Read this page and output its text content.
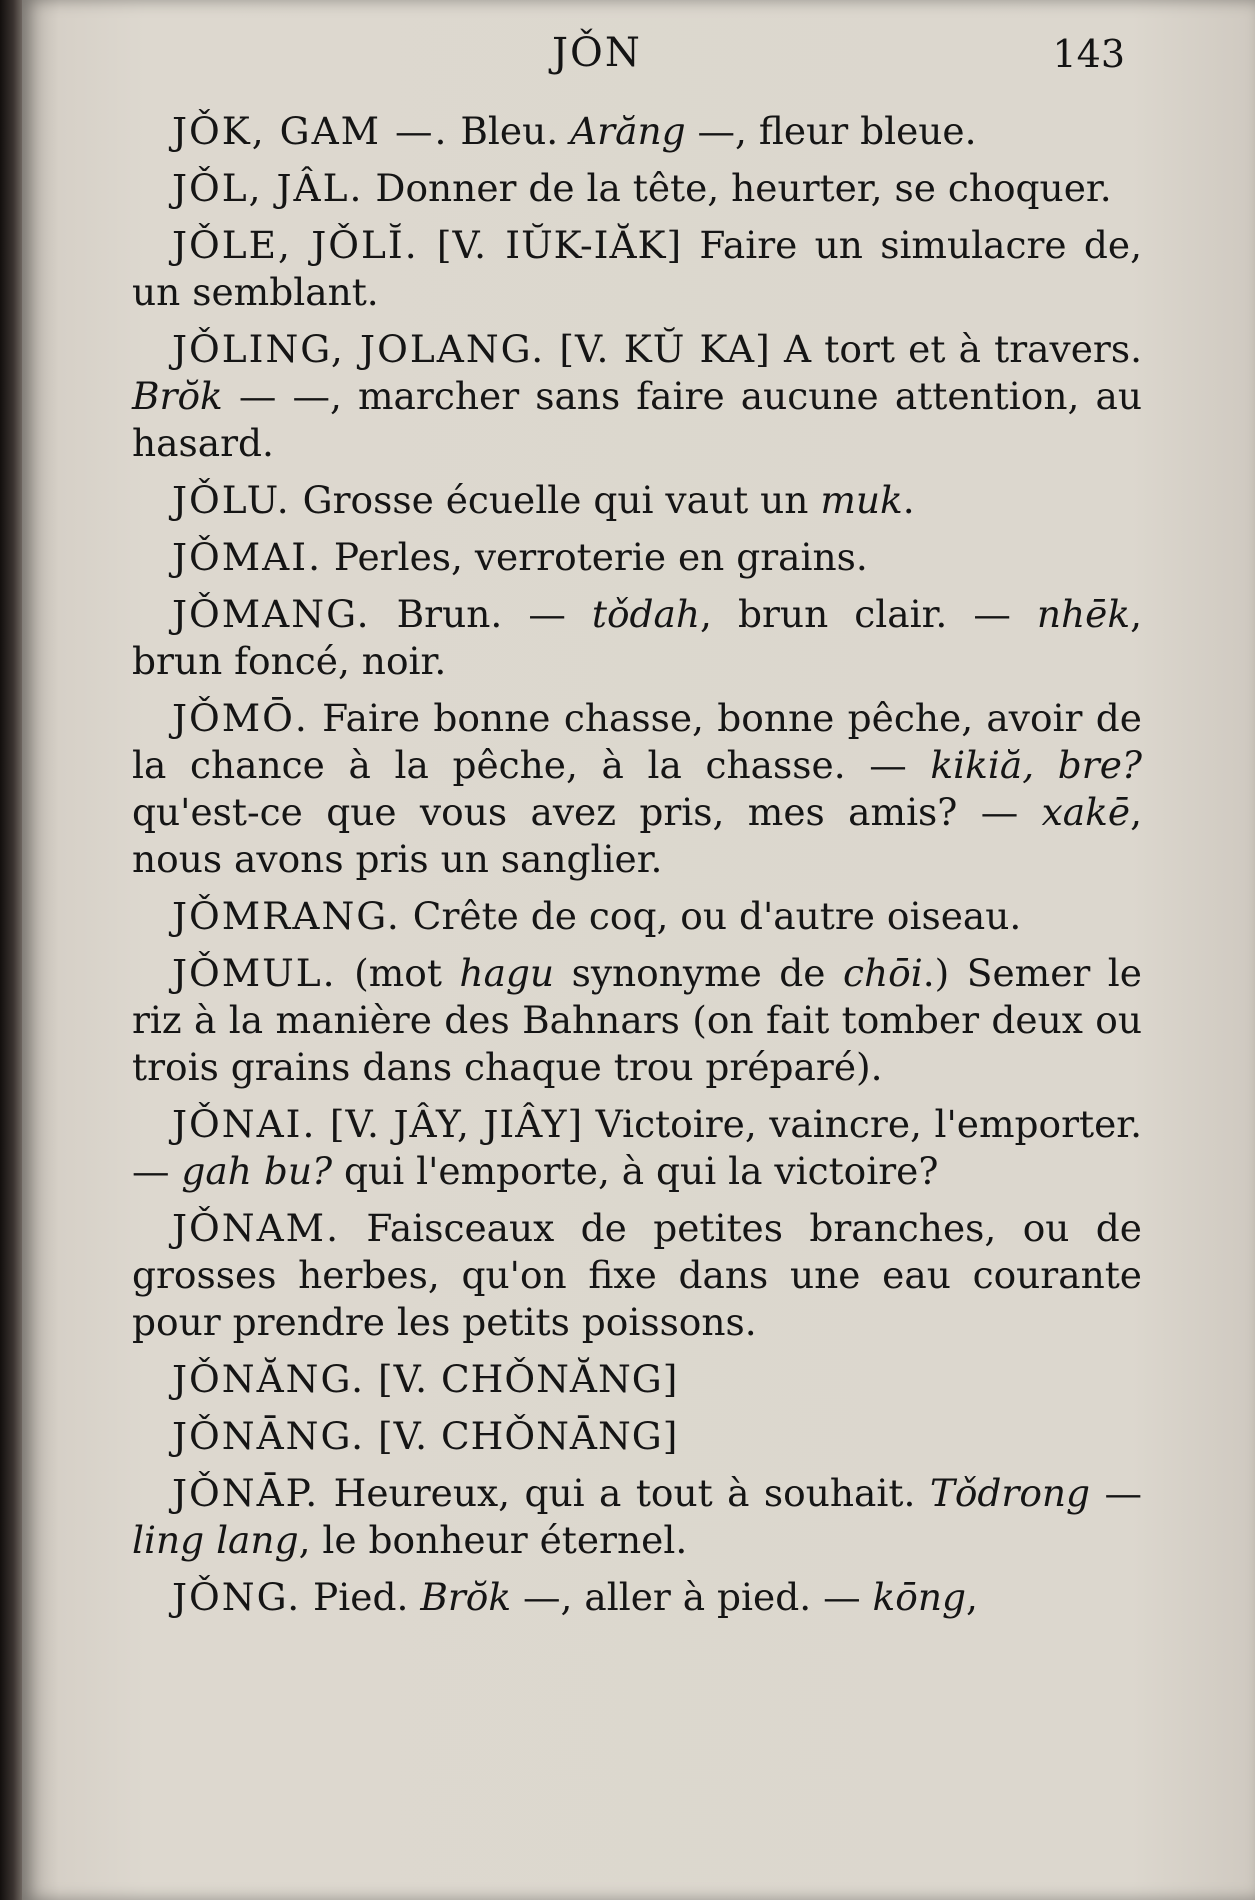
JǑN	143

JǑK, GAM —. Bleu. Arăng —, fleur bleue.

JǑL, JÂL. Donner de la tête, heurter, se choquer.

JǑLE, JǑLĬ. [V. IŬK-IĂK] Faire un simulacre de, un semblant.

JǑLING, JOLANG. [V. KŬ KA] A tort et à travers. Brŏk — —, marcher sans faire aucune attention, au hasard.

JǑLU. Grosse écuelle qui vaut un muk.

JǑMAI. Perles, verroterie en grains.

JǑMANG. Brun. — tǒdah, brun clair. — nhēk, brun foncé, noir.

JǑMŌ. Faire bonne chasse, bonne pêche, avoir de la chance à la pêche, à la chasse. — kikiă, bre? qu'est-ce que vous avez pris, mes amis? — xakē, nous avons pris un sanglier.

JǑMRANG. Crête de coq, ou d'autre oiseau.

JǑMUL. (mot hagu synonyme de chōi.) Semer le riz à la manière des Bahnars (on fait tomber deux ou trois grains dans chaque trou préparé).

JǑNAI. [V. JÂY, JIÂY] Victoire, vaincre, l'emporter. — gah bu? qui l'emporte, à qui la victoire?

JǑNAM. Faisceaux de petites branches, ou de grosses herbes, qu'on fixe dans une eau courante pour prendre les petits poissons.

JǑNĂNG. [V. CHǑNĂNG]

JǑNĀNG. [V. CHǑNĀNG]

JǑNĀP. Heureux, qui a tout à souhait. Tǒdrong — ling lang, le bonheur éternel.

JǑNG. Pied. Brŏk —, aller à pied. — kōng,
